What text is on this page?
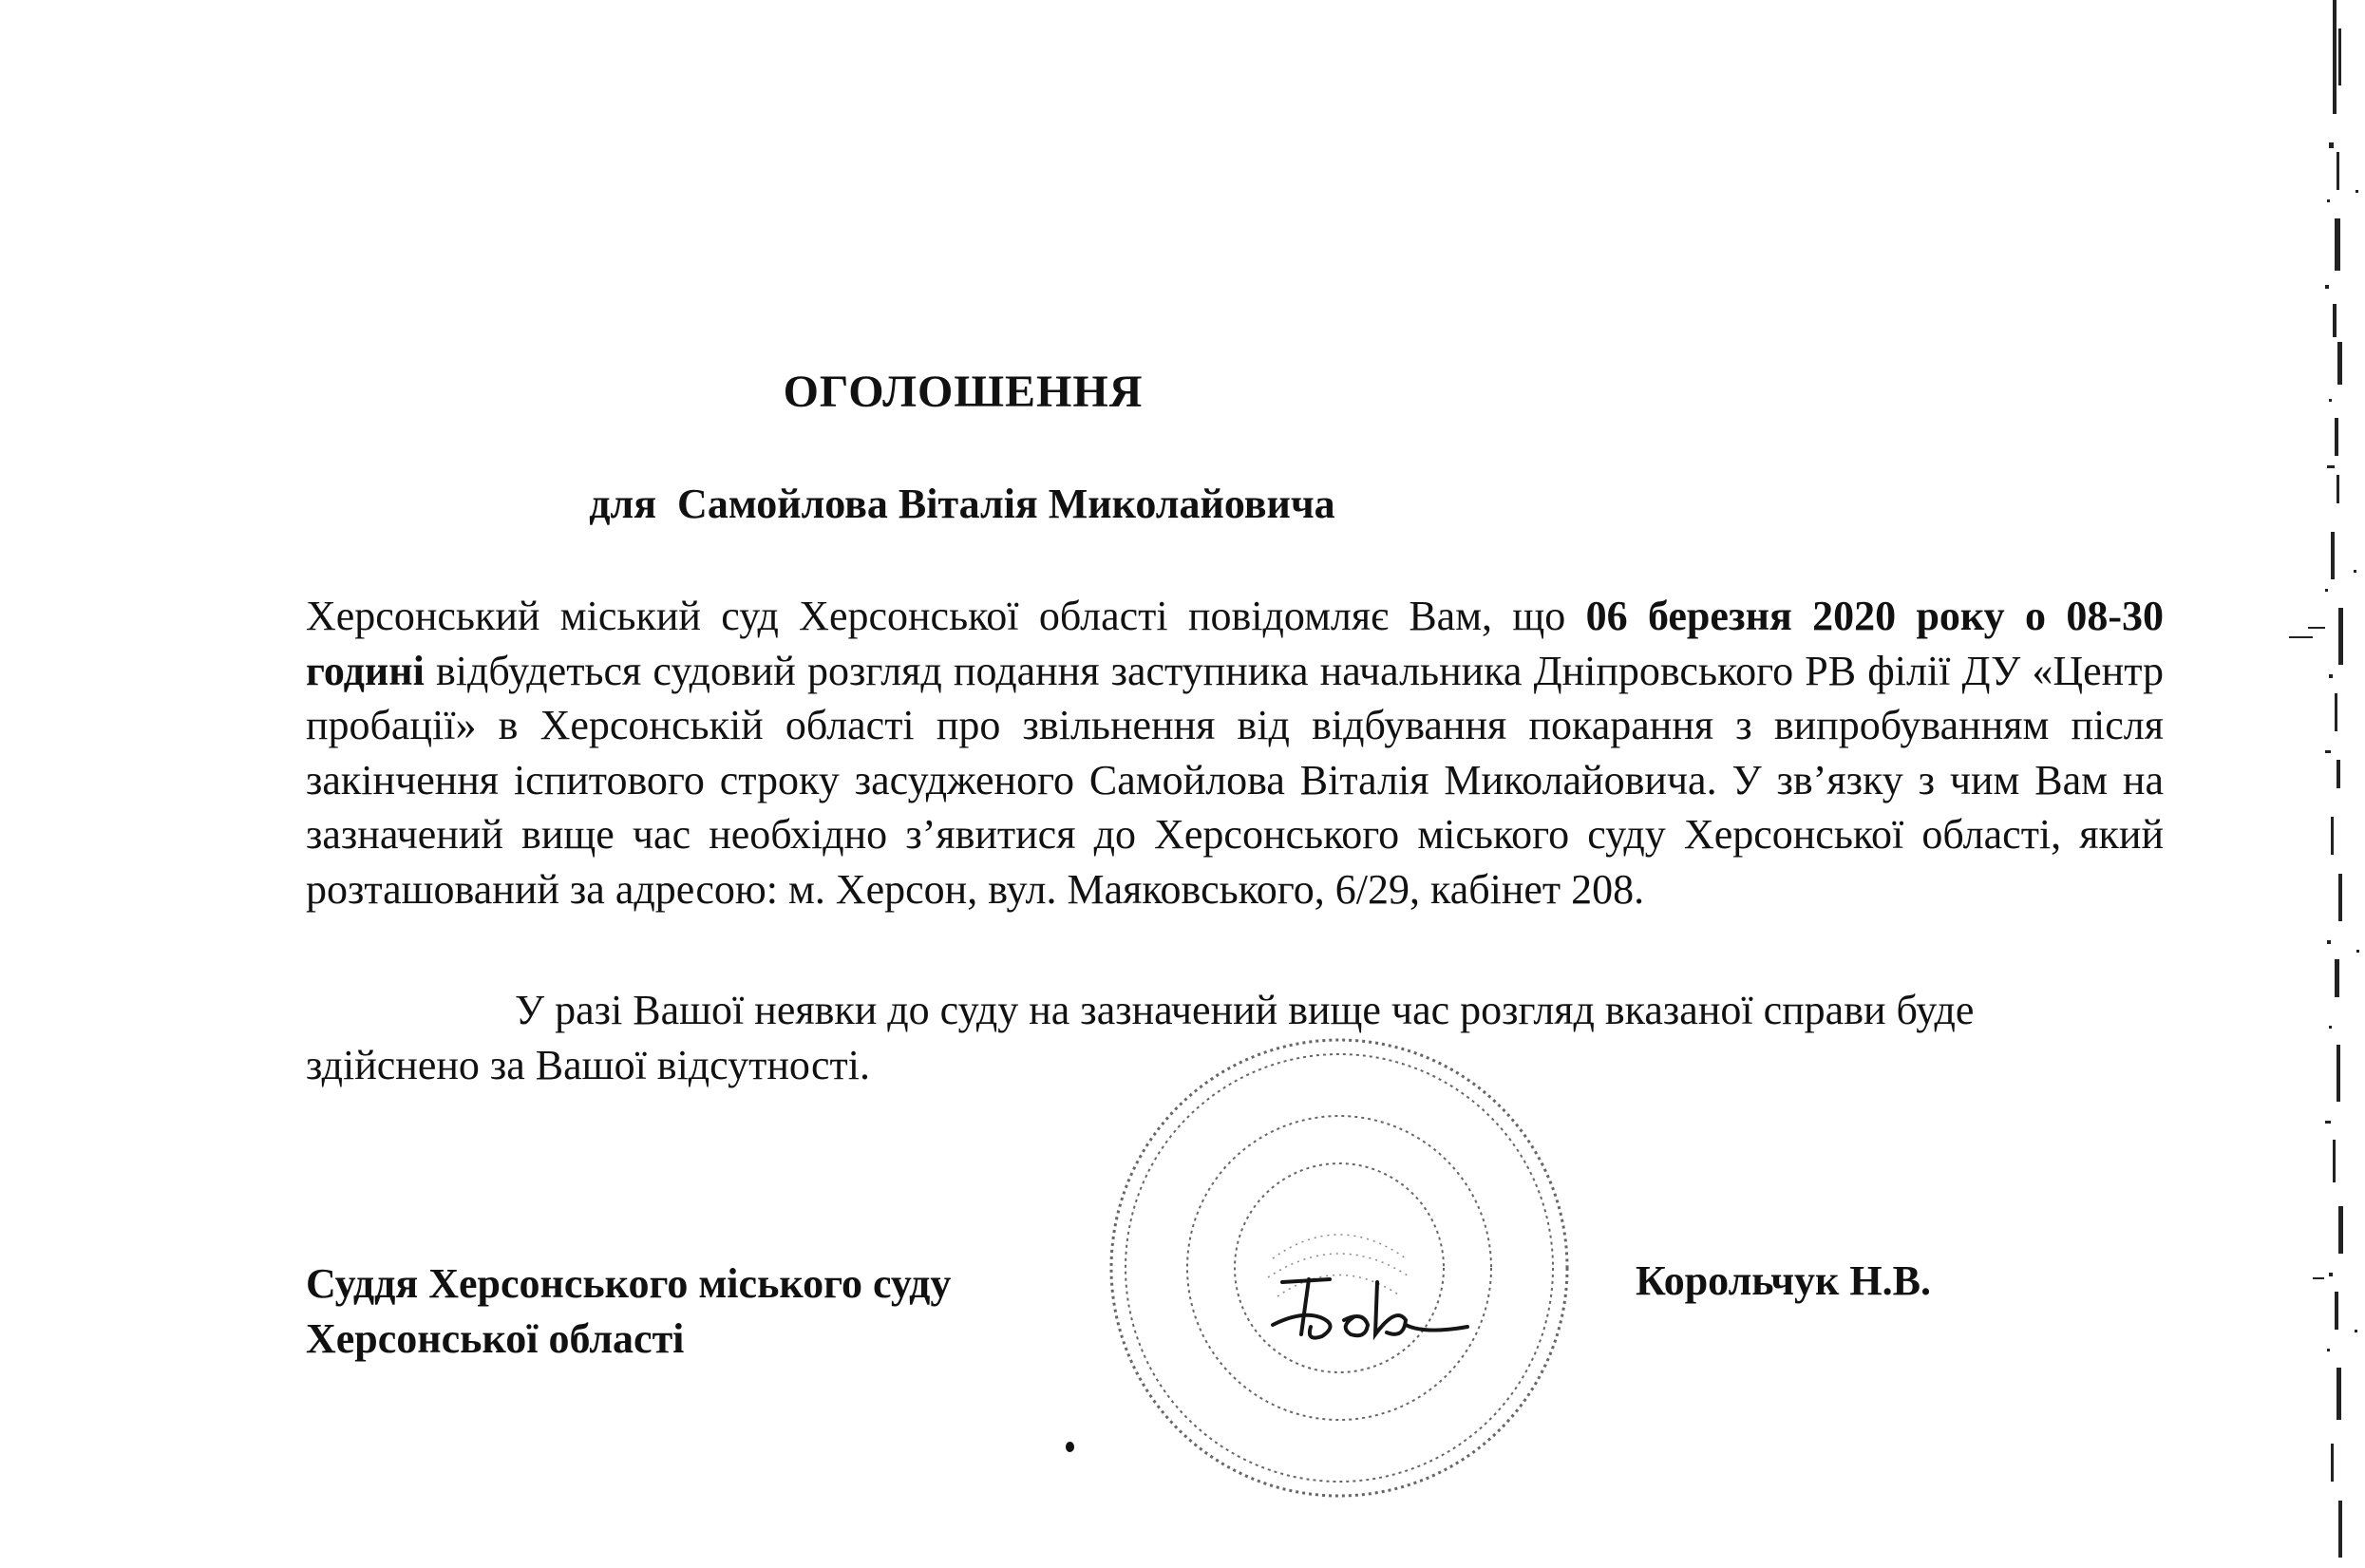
ОГОЛОШЕННЯ
для  Самойлова Віталія Миколайовича
Херсонський міський суд Херсонської області повідомляє Вам, що 06 березня 2020 року о 08-30 годині відбудеться судовий розгляд подання заступника начальника Дніпровського РВ філії ДУ «Центр пробації» в Херсонській області про звільнення від відбування покарання з випробуванням після закінчення іспитового строку засудженого Самойлова Віталія Миколайовича. У зв’язку з чим Вам на зазначений вище час необхідно з’явитися до Херсонського міського суду Херсонської області, який розташований за адресою: м. Херсон, вул. Маяковського, 6/29, кабінет 208.
У разі Вашої неявки до суду на зазначений вище час розгляд вказаної справи буде здійснено за Вашої відсутності.
Суддя Херсонського міського суду
Херсонської області
Корольчук Н.В.
